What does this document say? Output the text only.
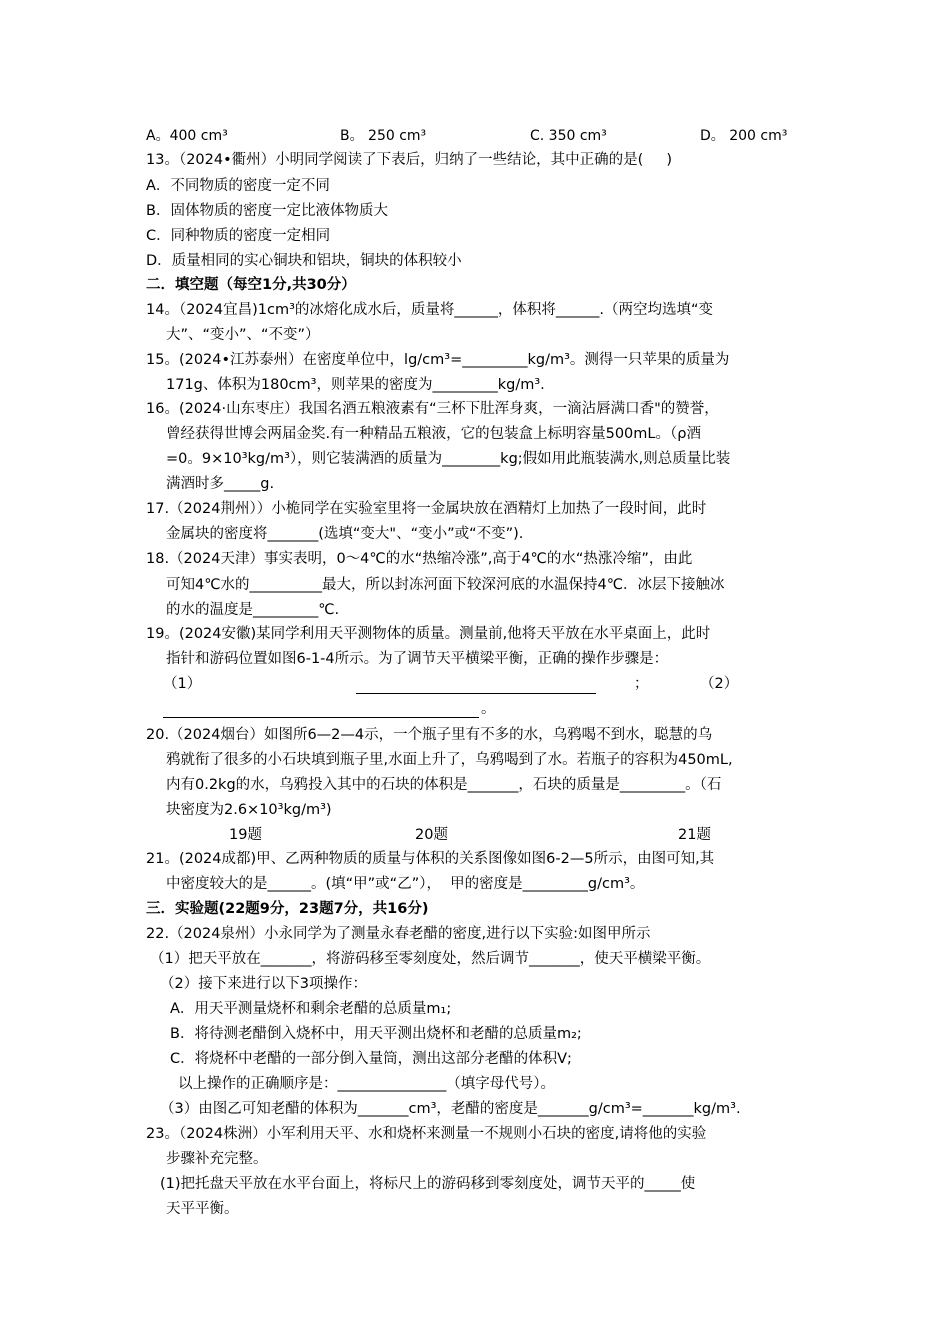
A。400 cm³	B。 250 cm³	C. 350 cm³	D。 200 cm³
13。（2024•衢州）小明同学阅读了下表后，归纳了一些结论，其中正确的是(     )
A．不同物质的密度一定不同
B．固体物质的密度一定比液体物质大
C．同种物质的密度一定相同
D．质量相同的实心铜块和铝块，铜块的体积较小
二．填空题（每空1分,共30分）
14。（2024宜昌)1cm³的冰熔化成水后，质量将______，体积将______.（两空均选填“变
大”、“变小”、“不变”）
15。(2024•江苏泰州）在密度单位中，lg/cm³=_________kg/m³。测得一只苹果的质量为
171g、体积为180cm³，则苹果的密度为_________kg/m³.
16。(2024·山东枣庄）我国名酒五粮液素有“三杯下肚浑身爽，一滴沾唇满口香"的赞誉，
曾经获得世博会两届金奖.有一种精品五粮液，它的包装盒上标明容量500mL。（ρ酒
=0。9×10³kg/m³），则它装满酒的质量为________kg;假如用此瓶装满水,则总质量比装
满酒时多_____g.
17.（2024荆州））小桅同学在实验室里将一金属块放在酒精灯上加热了一段时间，此时
金属块的密度将_______(选填“变大"、“变小”或“不变”).
18.（2024天津）事实表明，0～4℃的水“热缩冷涨”,高于4℃的水“热涨冷缩”，由此
可知4℃水的__________最大，所以封冻河面下较深河底的水温保持4℃．冰层下接触冰
的水的温度是_________℃.
19。(2024安徽)某同学利用天平测物体的质量。测量前,他将天平放在水平桌面上，此时
指针和游码位置如图6-1-4所示。为了调节天平横梁平衡，正确的操作步骤是：
（1）	；	（2）
。
20.（2024烟台）如图所6—2—4示，一个瓶子里有不多的水，乌鸦喝不到水，聪慧的乌
鸦就衔了很多的小石块填到瓶子里,水面上升了，乌鸦喝到了水。若瓶子的容积为450mL,
内有0.2kg的水，乌鸦投入其中的石块的体积是_______，石块的质量是_________。（石
块密度为2.6×10³kg/m³)
19题	20题	21题
21。(2024成都)甲、乙两种物质的质量与体积的关系图像如图6-2—5所示，由图可知,其
中密度较大的是______。(填“甲”或“乙”），  甲的密度是_________g/cm³。
三．实验题(22题9分，23题7分，共16分)
22.（2024泉州）小永同学为了测量永春老醋的密度,进行以下实验:如图甲所示
（1）把天平放在_______，将游码移至零刻度处，然后调节_______，使天平横梁平衡。
（2）接下来进行以下3项操作：
A．用天平测量烧杯和剩余老醋的总质量m₁;
B．将待测老醋倒入烧杯中，用天平测出烧杯和老醋的总质量m₂;
C．将烧杯中老醋的一部分倒入量筒，测出这部分老醋的体积V;
以上操作的正确顺序是：_______________（填字母代号）。
（3）由图乙可知老醋的体积为_______cm³，老醋的密度是_______g/cm³=_______kg/m³.
23。（2024株洲）小军利用天平、水和烧杯来测量一不规则小石块的密度,请将他的实验
步骤补充完整。
(1)把托盘天平放在水平台面上，将标尺上的游码移到零刻度处，调节天平的_____使
天平平衡。
